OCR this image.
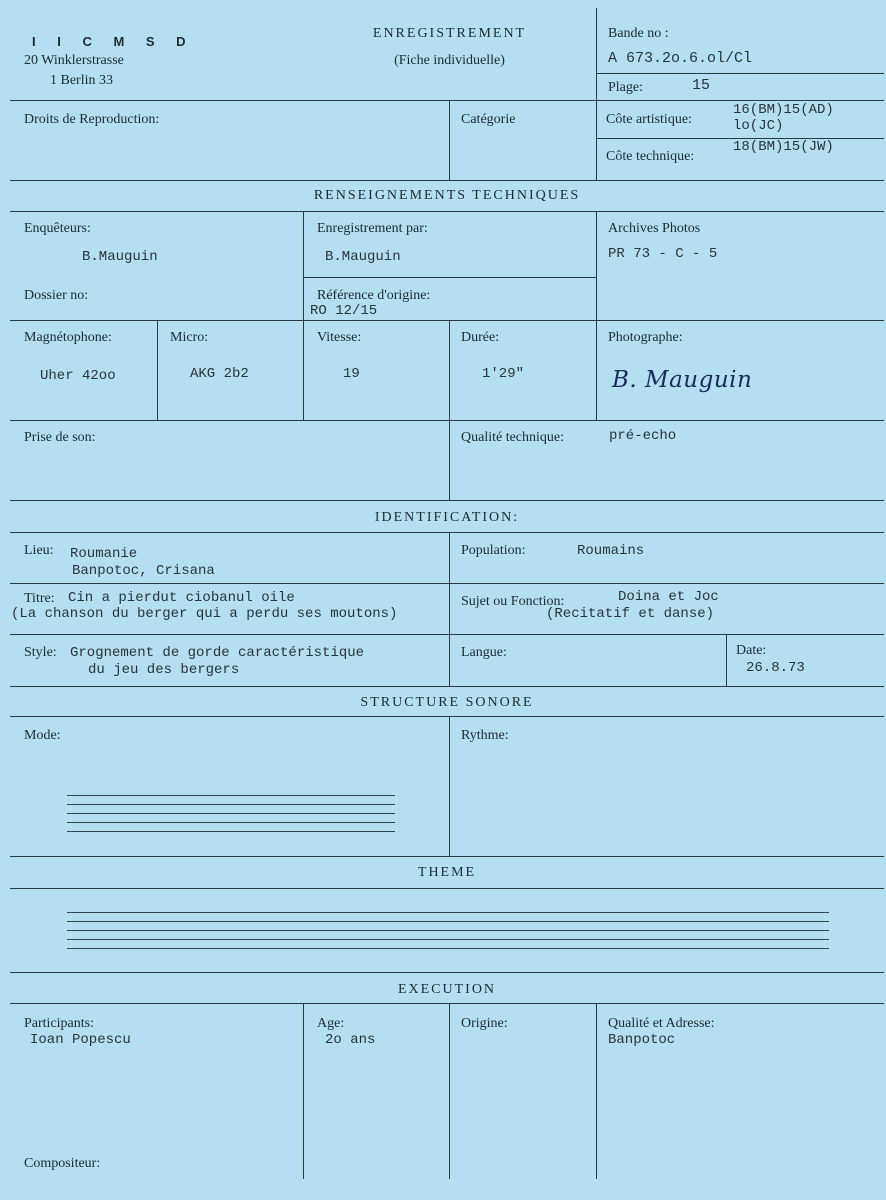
I I C M S D
20 Winklerstrasse
1 Berlin 33
ENREGISTREMENT
(Fiche individuelle)
Bande no :
A 673.2o.6.ol/Cl
Plage:	15
Droits de Reproduction:	Catégorie	Côte artistique:
16(BM)15(AD)
lo(JC)
Côte technique:
18(BM)15(JW)
RENSEIGNEMENTS TECHNIQUES
Enquêteurs:
B.Mauguin
Enregistrement par:
B.Mauguin
Archives Photos
PR 73 - C - 5
Dossier no:	Référence d'origine:
RO 12/15
Magnétophone:
Uher 42oo
Micro:
AKG 2b2
Vitesse:
19
Durée:
1'29"
Photographe:
B. Mauguin
Prise de son:	Qualité technique:	pré-echo
IDENTIFICATION:
Lieu: Roumanie
Banpotoc, Crisana
Population:	Roumains
Titre: Cin a pierdut ciobanul oile
(La chanson du berger qui a perdu ses moutons)
Sujet ou Fonction:	Doina et Joc
(Recitatif et danse)
Style: Grognement de gorde caractéristique
du jeu des bergers
Langue:	Date:
26.8.73
STRUCTURE SONORE
Mode:	Rythme:
THEME
EXECUTION
Participants:
Ioan Popescu
Age:
2o ans
Origine:	Qualité et Adresse:
Banpotoc
Compositeur:
